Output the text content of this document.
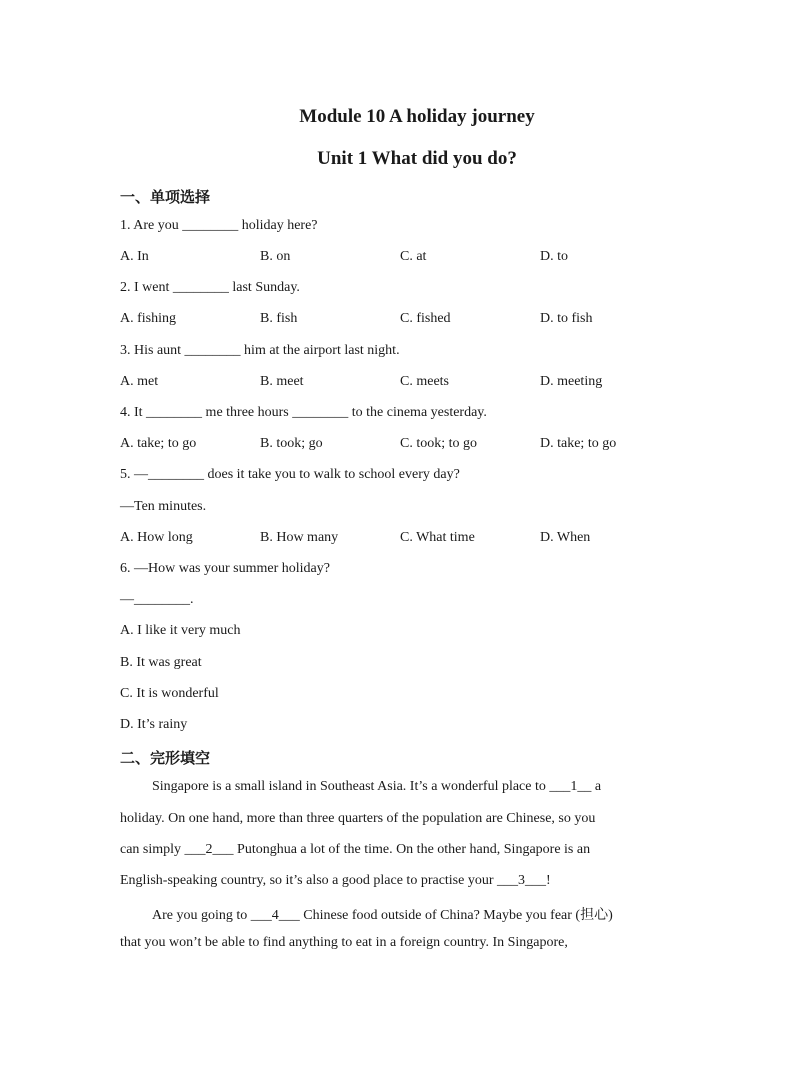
Module 10 A holiday journey
Unit 1 What did you do?
一、单项选择
1. Are you ________ holiday here?
A. In	B. on	C. at	D. to
2. I went ________ last Sunday.
A. fishing	B. fish	C. fished	D. to fish
3. His aunt ________ him at the airport last night.
A. met	B. meet	C. meets	D. meeting
4. It ________ me three hours ________ to the cinema yesterday.
A. take; to go	B. took; go	C. took; to go	D. take; to go
5. —________ does it take you to walk to school every day?
—Ten minutes.
A. How long	B. How many	C. What time	D. When
6. —How was your summer holiday?
—________.
A. I like it very much
B. It was great
C. It is wonderful
D. It’s rainy
二、完形填空
Singapore is a small island in Southeast Asia. It’s a wonderful place to ___1__ a
holiday. On one hand, more than three quarters of the population are Chinese, so you
can simply ___2___ Putonghua a lot of the time. On the other hand, Singapore is an
English-speaking country, so it’s also a good place to practise your ___3___!
Are you going to ___4___ Chinese food outside of China? Maybe you fear (担心)
that you won’t be able to find anything to eat in a foreign country. In Singapore,
